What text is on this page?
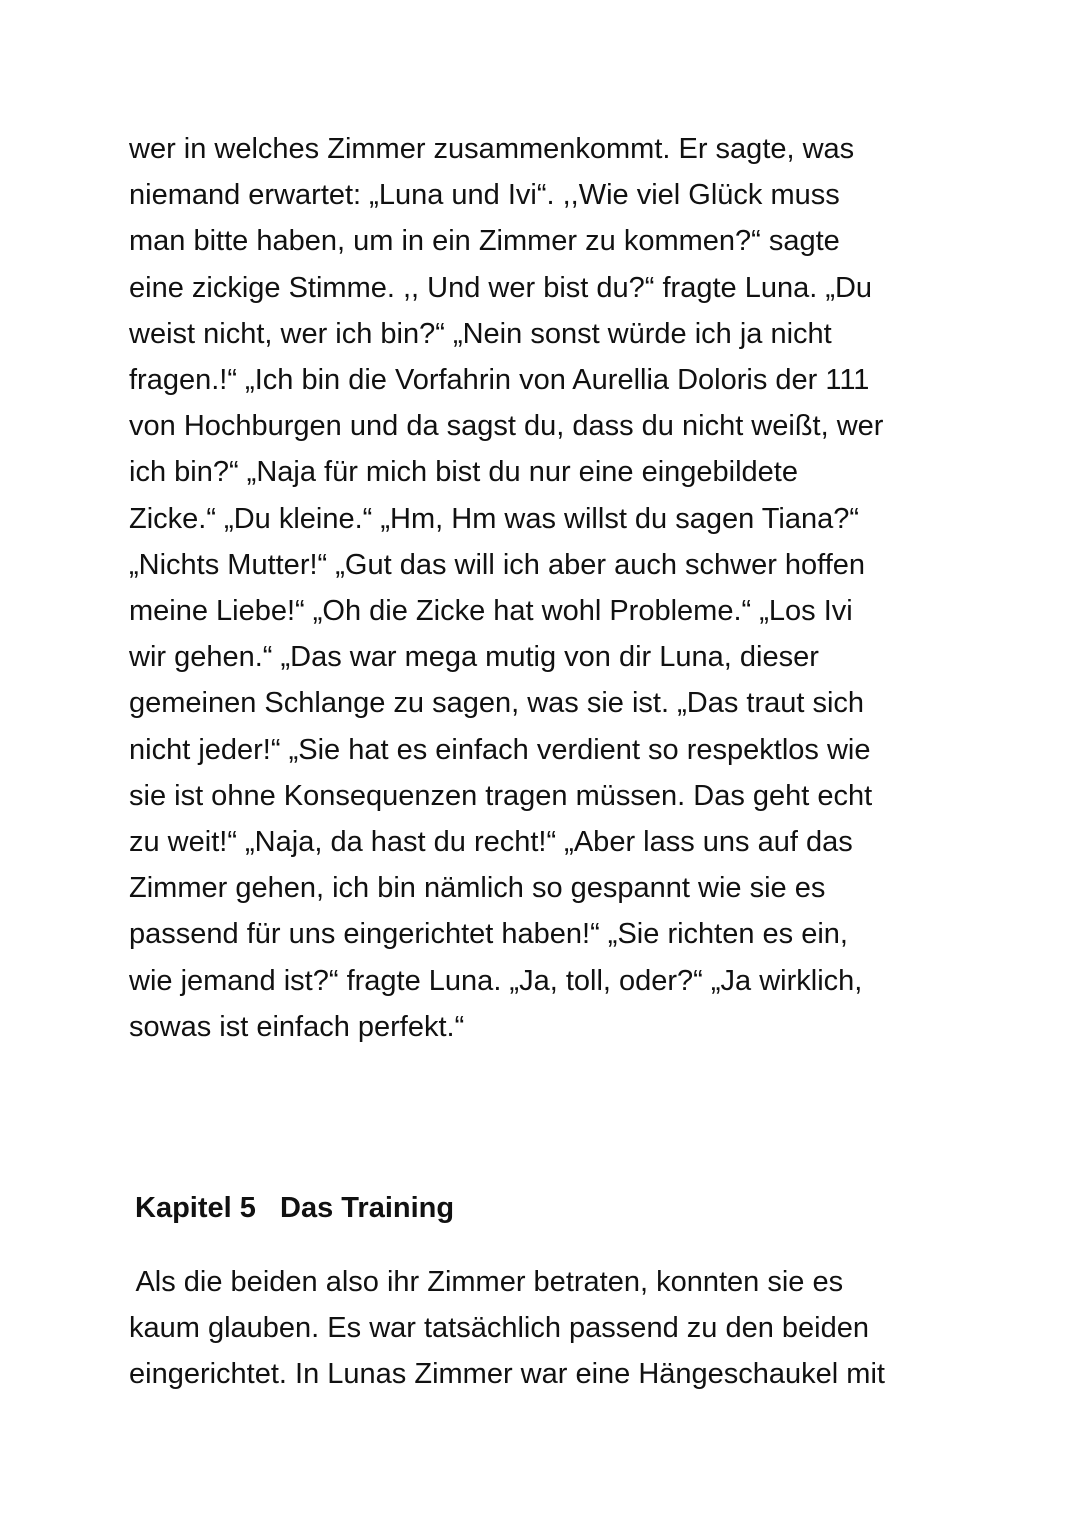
wer in welches Zimmer zusammenkommt. Er sagte, was
niemand erwartet: „Luna und Ivi“. ,,Wie viel Glück muss
man bitte haben, um in ein Zimmer zu kommen?“ sagte
eine zickige Stimme. ,, Und wer bist du?“ fragte Luna. „Du
weist nicht, wer ich bin?“ „Nein sonst würde ich ja nicht
fragen.!“ „Ich bin die Vorfahrin von Aurellia Doloris der 111
von Hochburgen und da sagst du, dass du nicht weißt, wer
ich bin?“ „Naja für mich bist du nur eine eingebildete
Zicke.“ „Du kleine.“ „Hm, Hm was willst du sagen Tiana?“
„Nichts Mutter!“ „Gut das will ich aber auch schwer hoffen
meine Liebe!“ „Oh die Zicke hat wohl Probleme.“ „Los Ivi
wir gehen.“ „Das war mega mutig von dir Luna, dieser
gemeinen Schlange zu sagen, was sie ist. „Das traut sich
nicht jeder!“ „Sie hat es einfach verdient so respektlos wie
sie ist ohne Konsequenzen tragen müssen. Das geht echt
zu weit!“ „Naja, da hast du recht!“ „Aber lass uns auf das
Zimmer gehen, ich bin nämlich so gespannt wie sie es
passend für uns eingerichtet haben!“ „Sie richten es ein,
wie jemand ist?“ fragte Luna. „Ja, toll, oder?“ „Ja wirklich,
sowas ist einfach perfekt.“
Kapitel 5   Das Training
Als die beiden also ihr Zimmer betraten, konnten sie es
kaum glauben. Es war tatsächlich passend zu den beiden
eingerichtet. In Lunas Zimmer war eine Hängeschaukel mit
